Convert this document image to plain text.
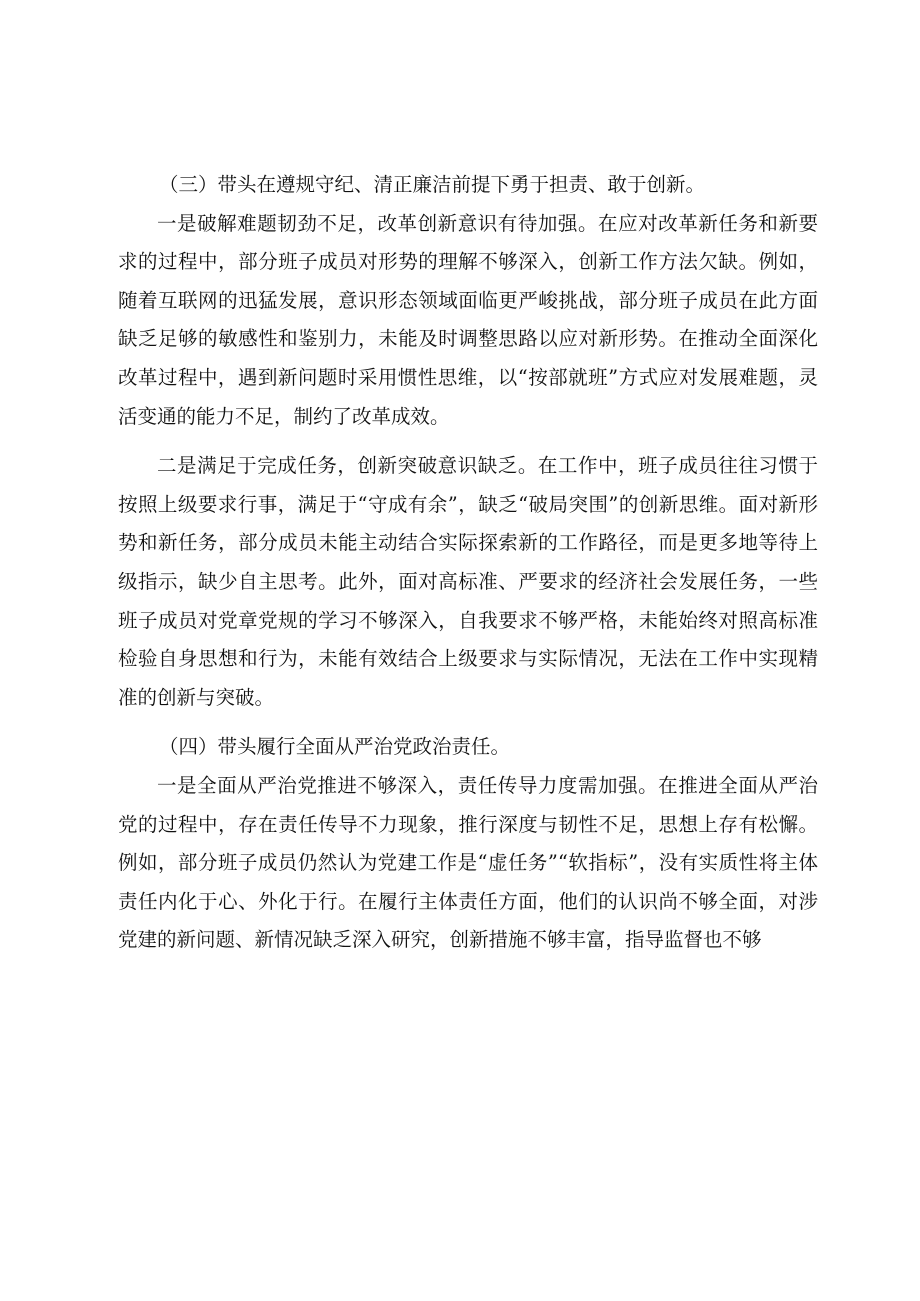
（三）带头在遵规守纪、清正廉洁前提下勇于担责、敢于创新。

一是破解难题韧劲不足，改革创新意识有待加强。在应对改革新任务和新要求的过程中，部分班子成员对形势的理解不够深入，创新工作方法欠缺。例如，随着互联网的迅猛发展，意识形态领域面临更严峻挑战，部分班子成员在此方面缺乏足够的敏感性和鉴别力，未能及时调整思路以应对新形势。在推动全面深化改革过程中，遇到新问题时采用惯性思维，以“按部就班”方式应对发展难题，灵活变通的能力不足，制约了改革成效。

二是满足于完成任务，创新突破意识缺乏。在工作中，班子成员往往习惯于按照上级要求行事，满足于“守成有余”，缺乏“破局突围”的创新思维。面对新形势和新任务，部分成员未能主动结合实际探索新的工作路径，而是更多地等待上级指示，缺少自主思考。此外，面对高标准、严要求的经济社会发展任务，一些班子成员对党章党规的学习不够深入，自我要求不够严格，未能始终对照高标准检验自身思想和行为，未能有效结合上级要求与实际情况，无法在工作中实现精准的创新与突破。

（四）带头履行全面从严治党政治责任。

一是全面从严治党推进不够深入，责任传导力度需加强。在推进全面从严治党的过程中，存在责任传导不力现象，推行深度与韧性不足，思想上存有松懈。例如，部分班子成员仍然认为党建工作是“虚任务”“软指标”，没有实质性将主体责任内化于心、外化于行。在履行主体责任方面，他们的认识尚不够全面，对涉党建的新问题、新情况缺乏深入研究，创新措施不够丰富，指导监督也不够
